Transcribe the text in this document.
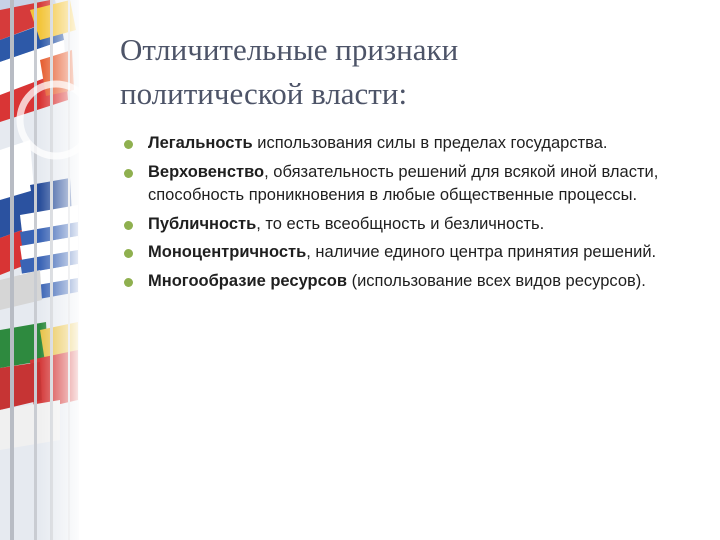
Отличительные признаки
политической власти:
Легальность использования силы в пределах государства.
Верховенство, обязательность решений для всякой иной власти, способность проникновения в любые общественные процессы.
Публичность, то есть всеобщность и безличность.
Моноцентричность, наличие единого центра принятия решений.
Многообразие ресурсов (использование всех видов ресурсов).
